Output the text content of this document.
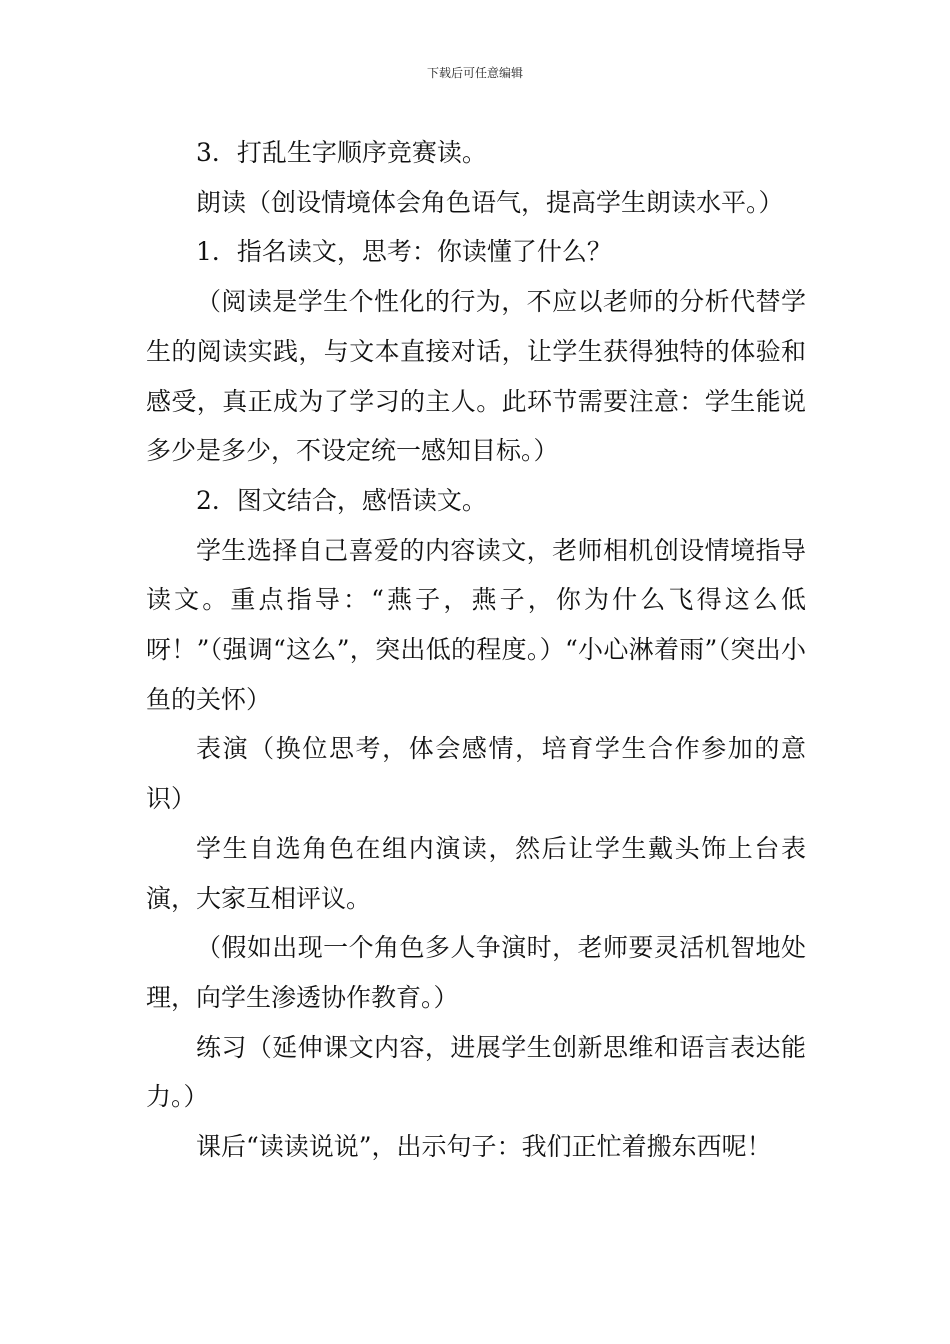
下载后可任意编辑

3．打乱生字顺序竞赛读。

朗读（创设情境体会角色语气，提高学生朗读水平。）

1．指名读文，思考：你读懂了什么？

（阅读是学生个性化的行为，不应以老师的分析代替学生的阅读实践，与文本直接对话，让学生获得独特的体验和感受，真正成为了学习的主人。此环节需要注意：学生能说多少是多少，不设定统一感知目标。）

2．图文结合，感悟读文。

学生选择自己喜爱的内容读文，老师相机创设情境指导读文。重点指导：“燕子，燕子，你为什么飞得这么低呀！”（强调“这么”，突出低的程度。）“小心淋着雨”（突出小鱼的关怀）

表演（换位思考，体会感情，培育学生合作参加的意识）

学生自选角色在组内演读，然后让学生戴头饰上台表演，大家互相评议。

（假如出现一个角色多人争演时，老师要灵活机智地处理，向学生渗透协作教育。）

练习（延伸课文内容，进展学生创新思维和语言表达能力。）

课后“读读说说”，出示句子：我们正忙着搬东西呢！
